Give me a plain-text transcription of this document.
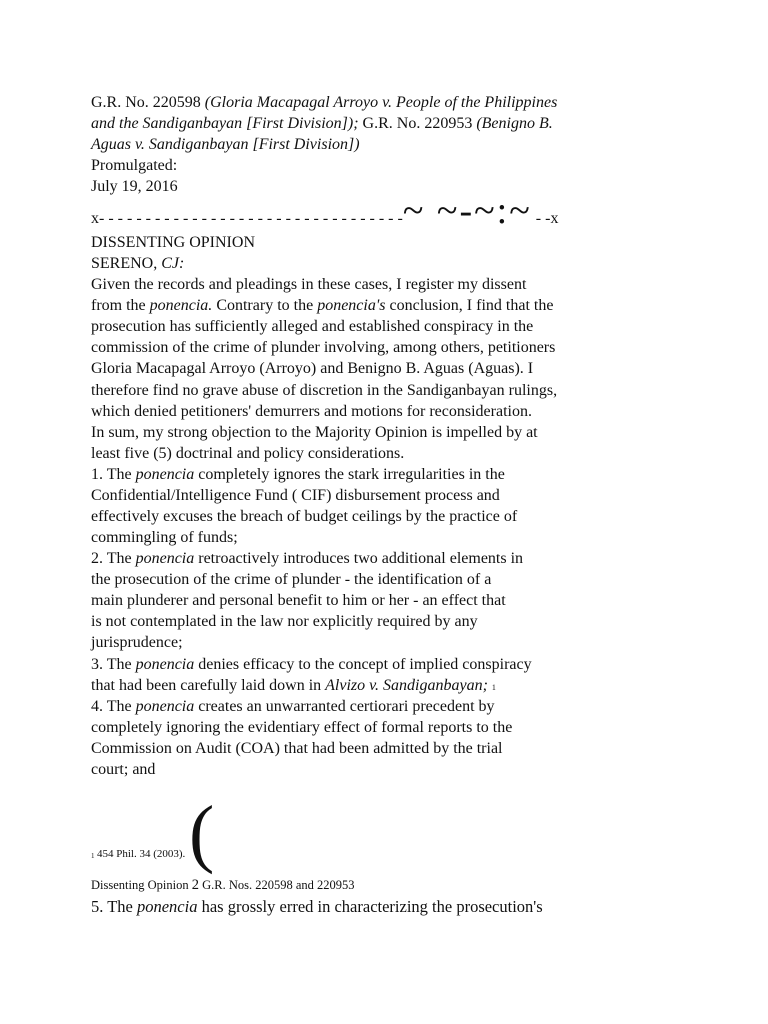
G.R. No. 220598 (Gloria Macapagal Arroyo v. People of the Philippines
and the Sandiganbayan [First Division]); G.R. No. 220953 (Benigno B.
Aguas v. Sandiganbayan [First Division])
Promulgated:
July 19, 2016
x- - - - - - - - - - - - - - - - - - - - - - - - - - - - - - - - -~ ~-~:~ - -x
DISSENTING OPINION
SERENO, CJ:
Given the records and pleadings in these cases, I register my dissent
from the ponencia. Contrary to the ponencia's conclusion, I find that the
prosecution has sufficiently alleged and established conspiracy in the
commission of the crime of plunder involving, among others, petitioners
Gloria Macapagal Arroyo (Arroyo) and Benigno B. Aguas (Aguas). I
therefore find no grave abuse of discretion in the Sandiganbayan rulings,
which denied petitioners' demurrers and motions for reconsideration.
In sum, my strong objection to the Majority Opinion is impelled by at
least five (5) doctrinal and policy considerations.
1. The ponencia completely ignores the stark irregularities in the
Confidential/Intelligence Fund ( CIF) disbursement process and
effectively excuses the breach of budget ceilings by the practice of
commingling of funds;
2. The ponencia retroactively introduces two additional elements in
the prosecution of the crime of plunder - the identification of a
main plunderer and personal benefit to him or her - an effect that
is not contemplated in the law nor explicitly required by any
jurisprudence;
3. The ponencia denies efficacy to the concept of implied conspiracy
that had been carefully laid down in Alvizo v. Sandiganbayan; 1
4. The ponencia creates an unwarranted certiorari precedent by
completely ignoring the evidentiary effect of formal reports to the
Commission on Audit (COA) that had been admitted by the trial
court; and
1 454 Phil. 34 (2003). (
Dissenting Opinion 2 G.R. Nos. 220598 and 220953
5. The ponencia has grossly erred in characterizing the prosecution's
